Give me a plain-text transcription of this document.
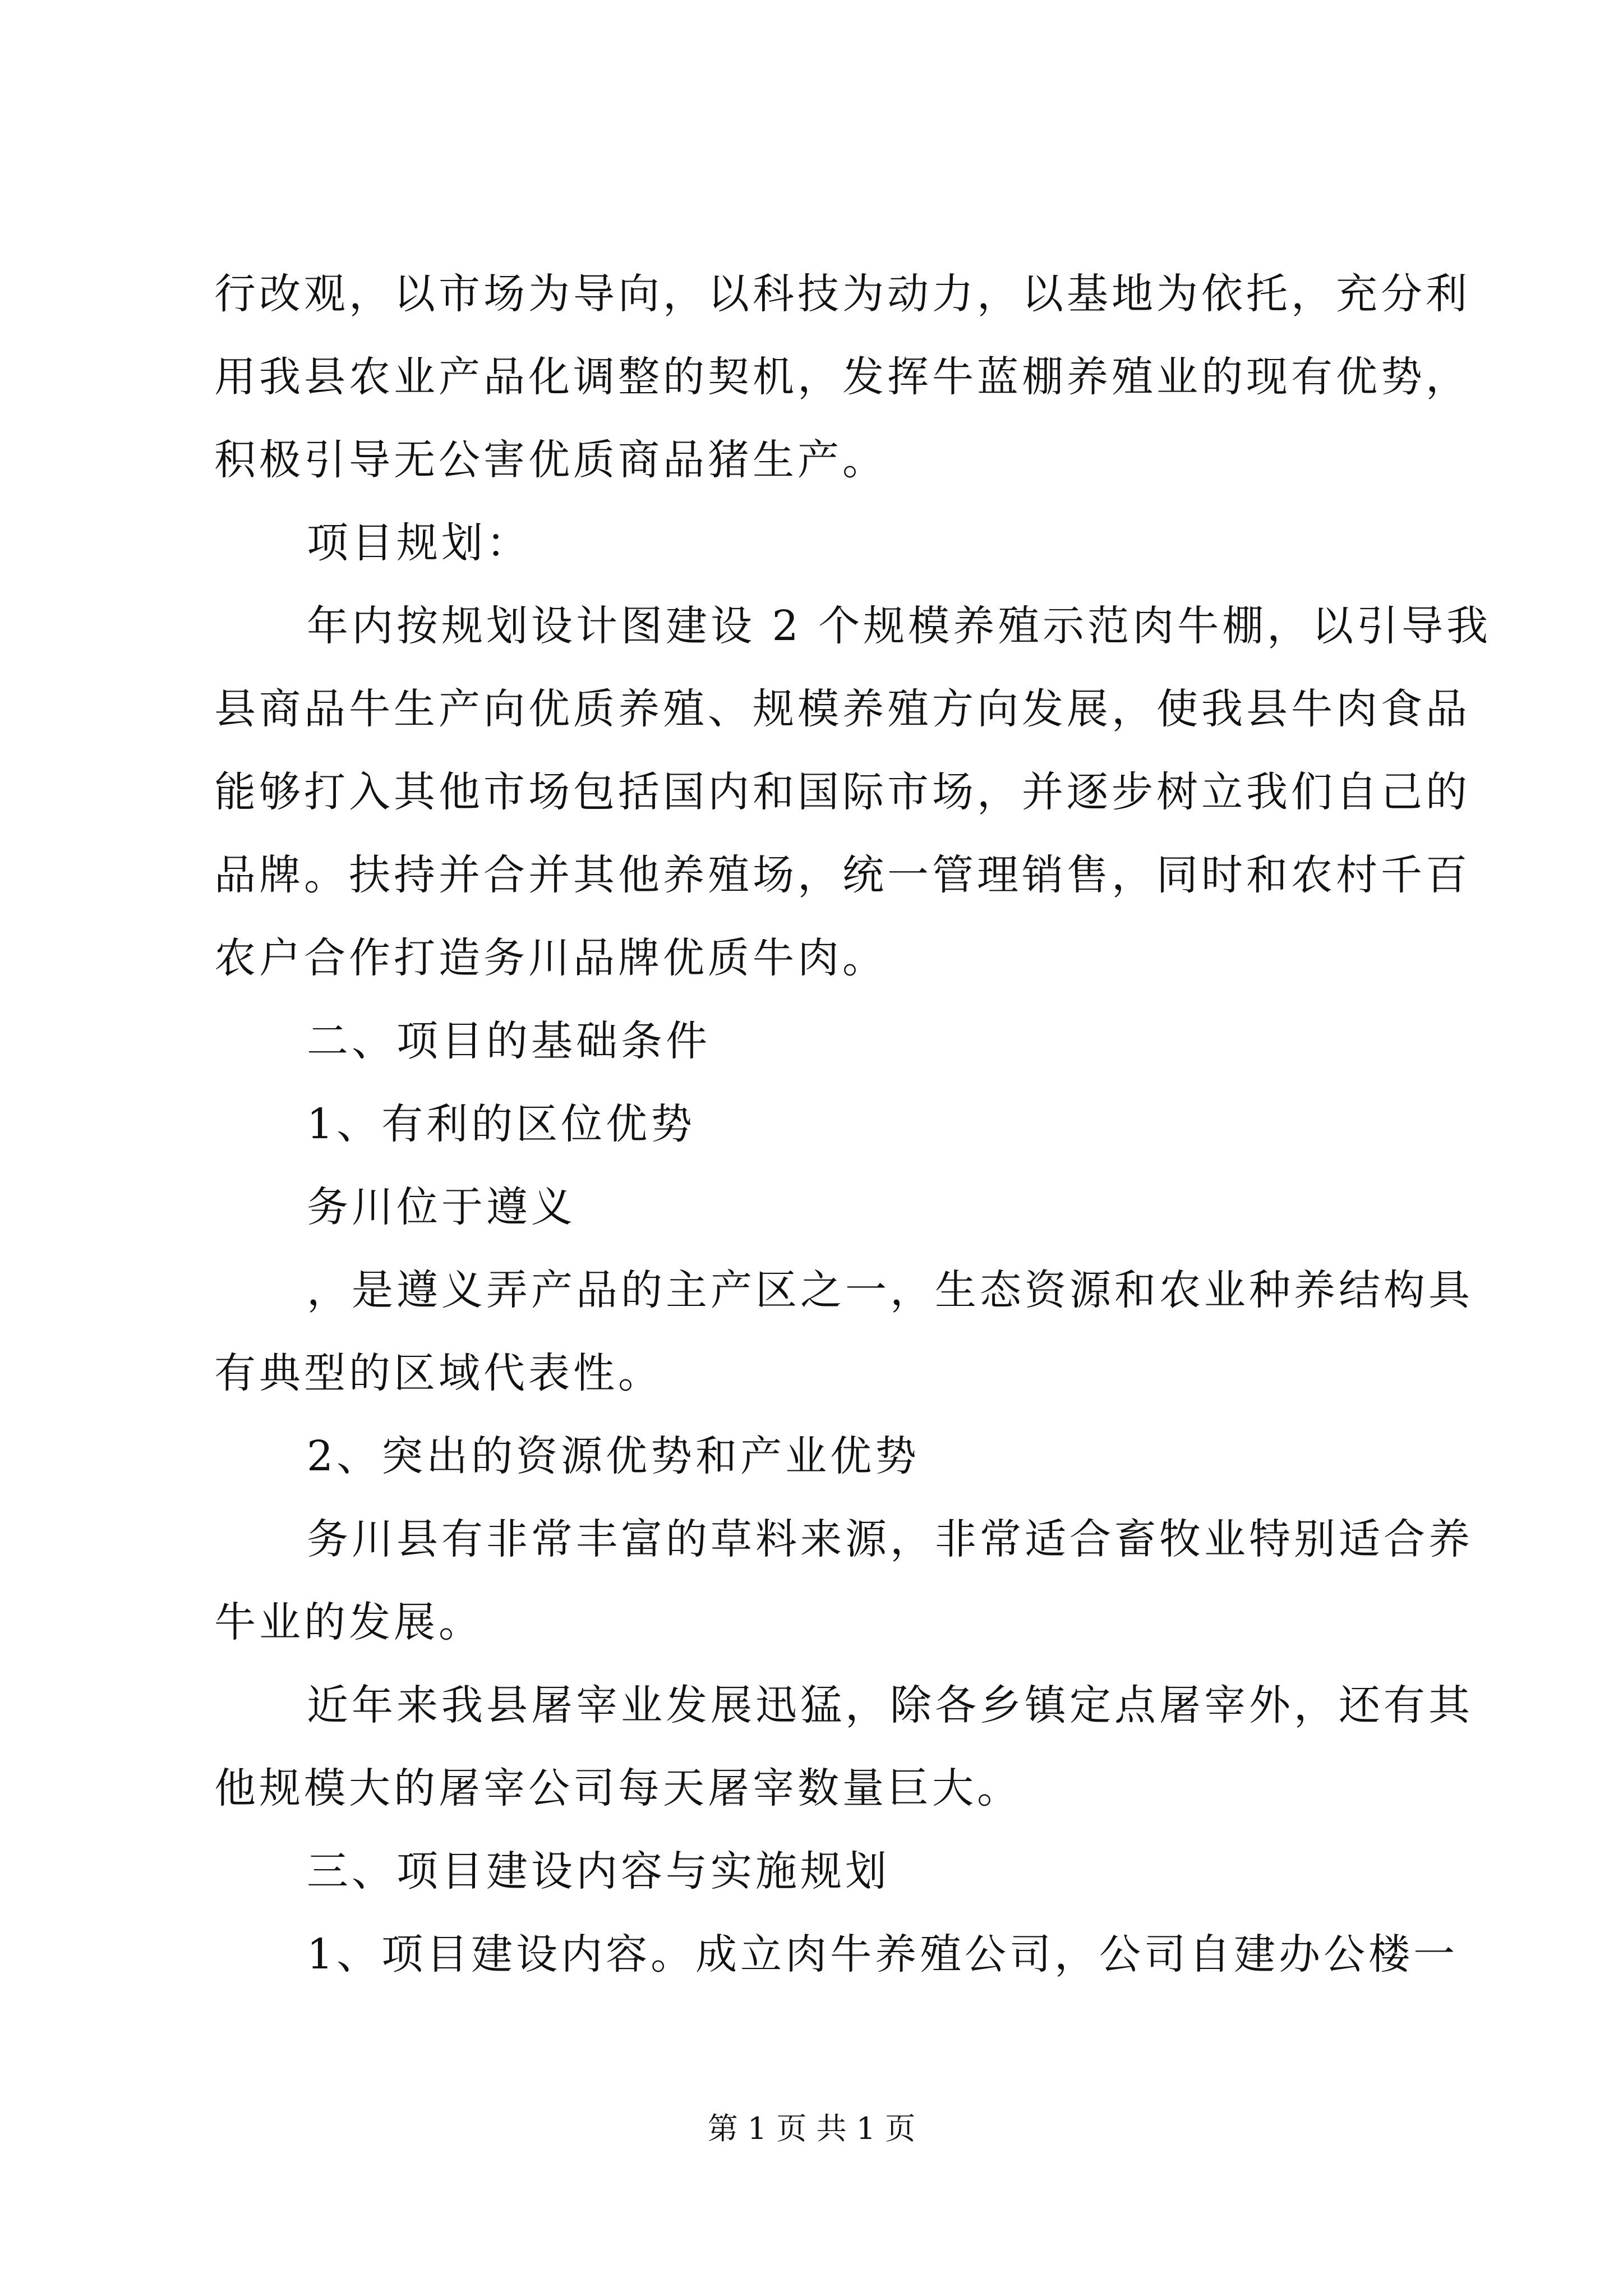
行改观，以市场为导向，以科技为动力，以基地为依托，充分利
用我县农业产品化调整的契机，发挥牛蓝棚养殖业的现有优势，
积极引导无公害优质商品猪生产。
项目规划：
年内按规划设计图建设 2 个规模养殖示范肉牛棚，以引导我
县商品牛生产向优质养殖、规模养殖方向发展，使我县牛肉食品
能够打入其他市场包括国内和国际市场，并逐步树立我们自己的
品牌。扶持并合并其他养殖场，统一管理销售，同时和农村千百
农户合作打造务川品牌优质牛肉。
二、项目的基础条件
1、有利的区位优势
务川位于遵义
，是遵义弄产品的主产区之一，生态资源和农业种养结构具
有典型的区域代表性。
2、突出的资源优势和产业优势
务川县有非常丰富的草料来源，非常适合畜牧业特别适合养
牛业的发展。
近年来我县屠宰业发展迅猛，除各乡镇定点屠宰外，还有其
他规模大的屠宰公司每天屠宰数量巨大。
三、项目建设内容与实施规划
1、项目建设内容。成立肉牛养殖公司，公司自建办公楼一
第 1 页 共 1 页
